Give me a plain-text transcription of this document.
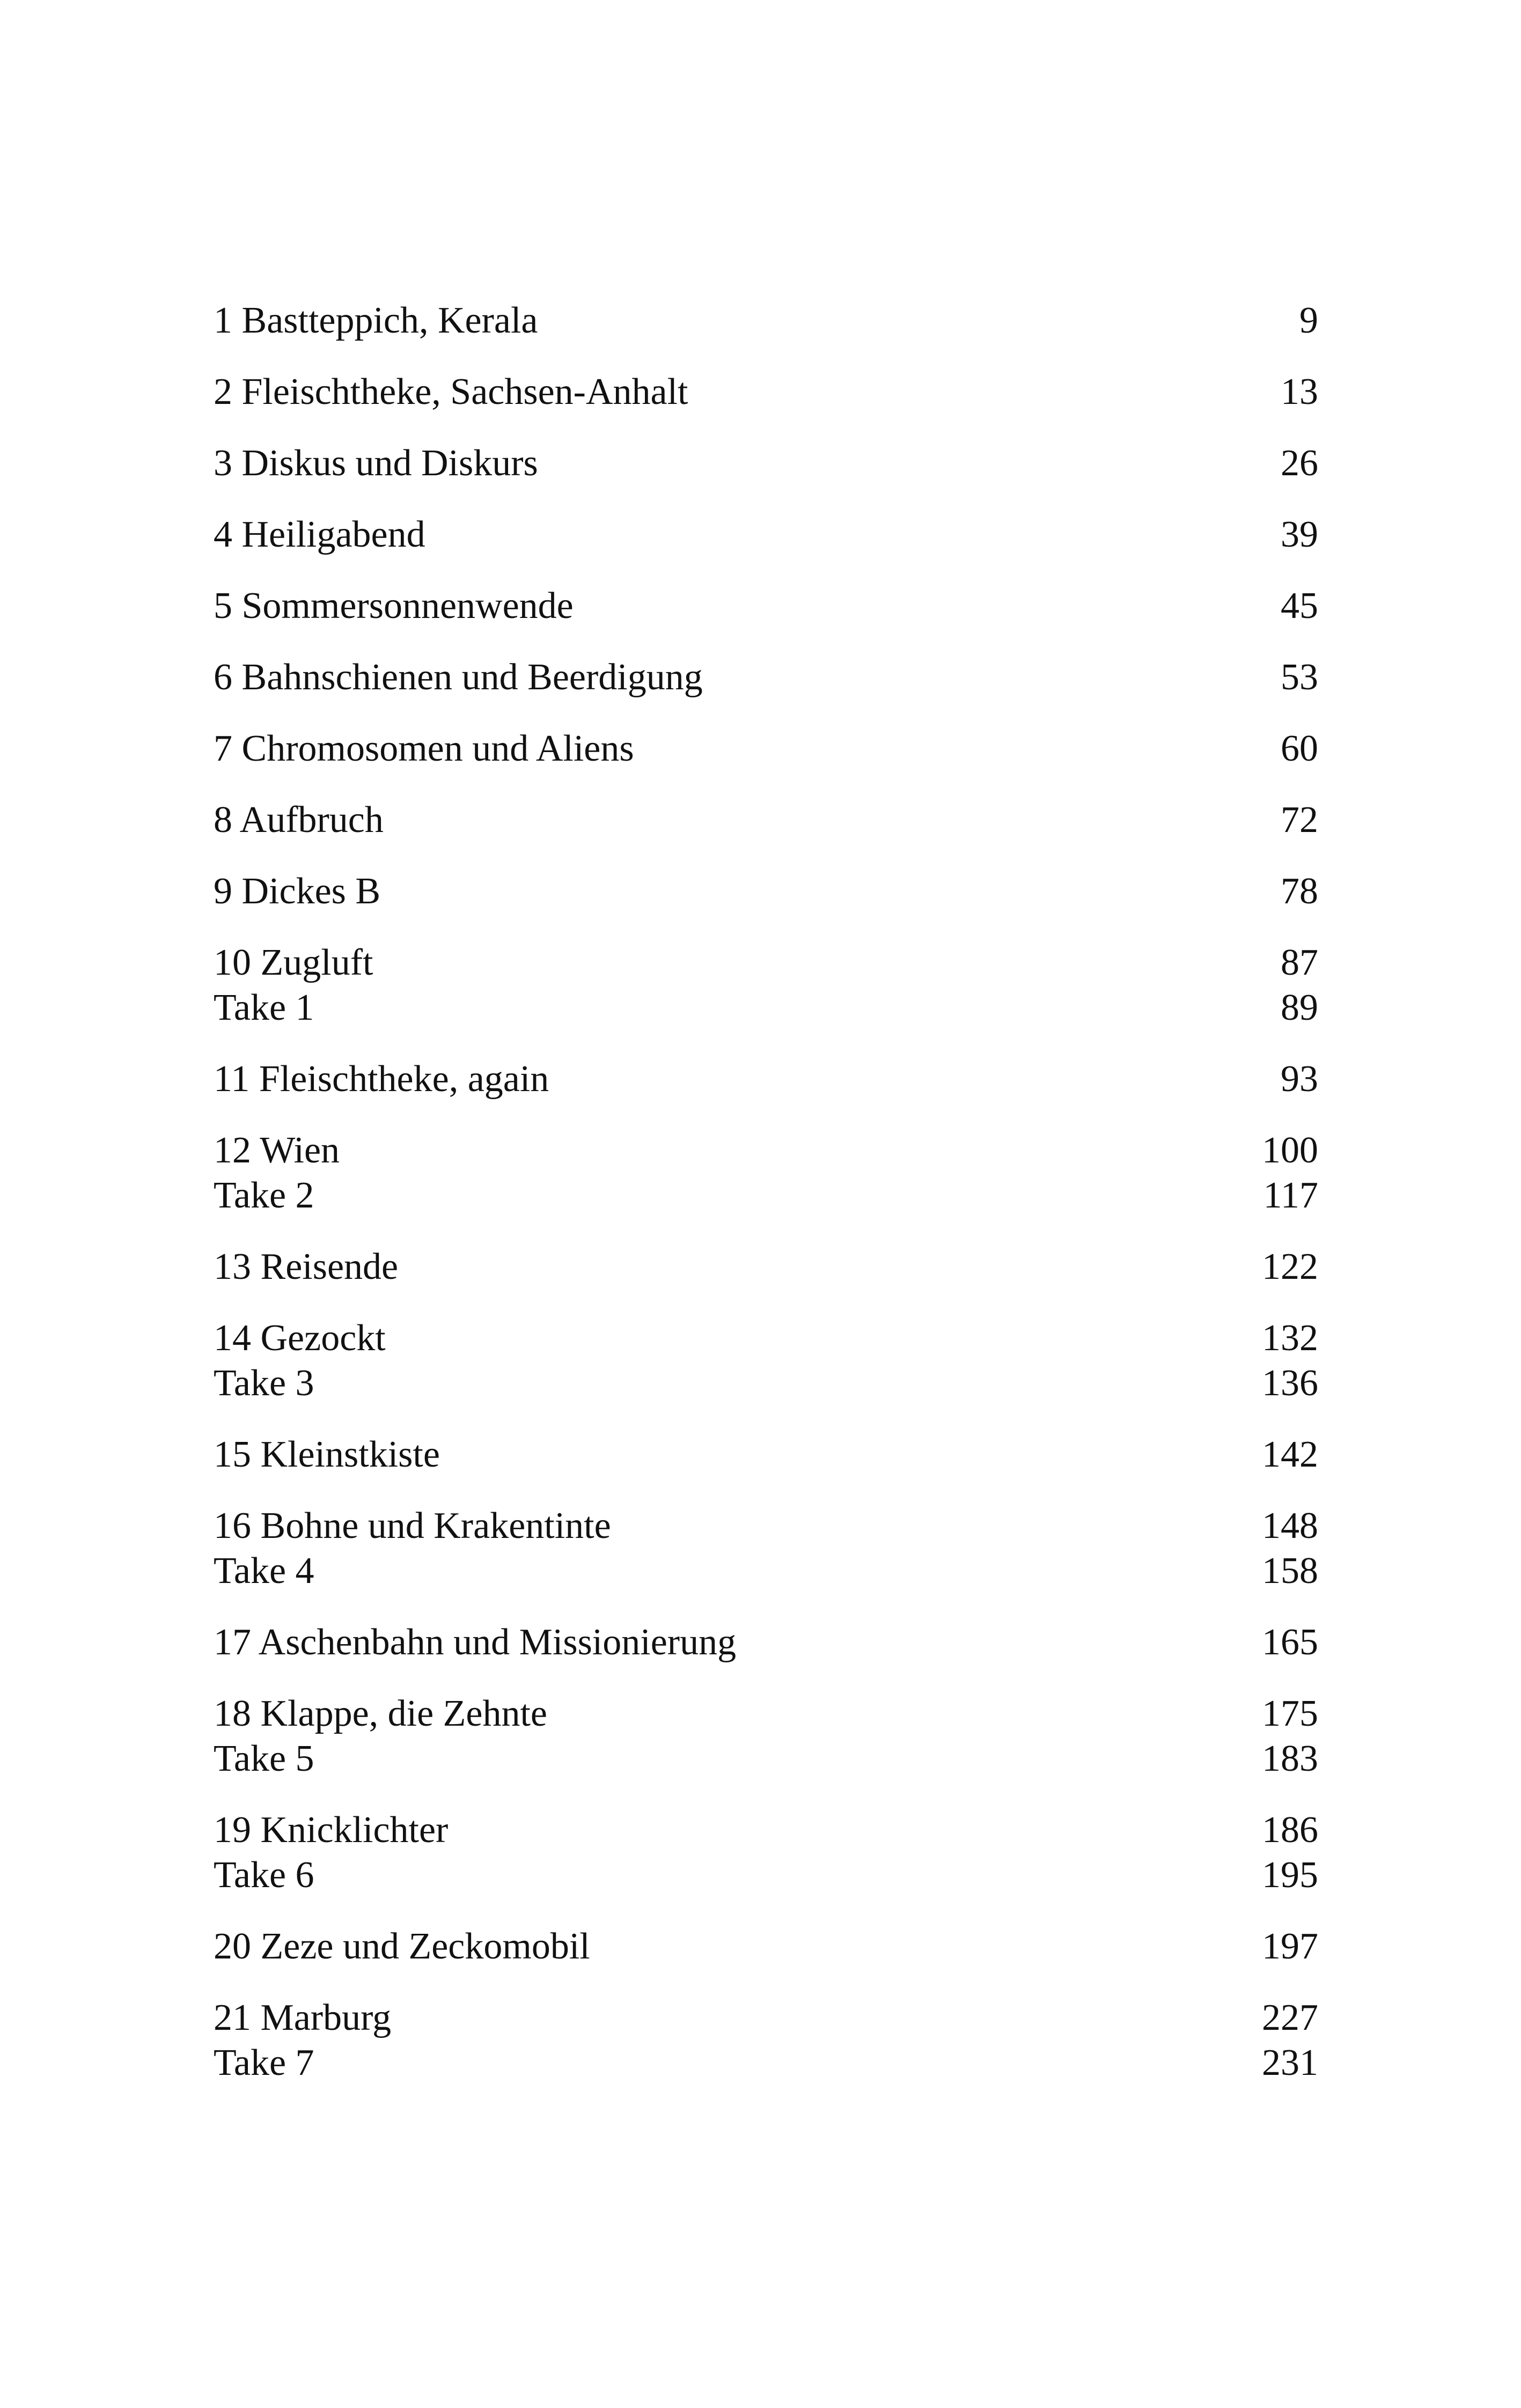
1 Bastteppich, Kerala	9
2 Fleischtheke, Sachsen-Anhalt	13
3 Diskus und Diskurs	26
4 Heiligabend	39
5 Sommersonnenwende	45
6 Bahnschienen und Beerdigung	53
7 Chromosomen und Aliens	60
8 Aufbruch	72
9 Dickes B	78
10 Zugluft	87
Take 1	89
11 Fleischtheke, again	93
12 Wien	100
Take 2	117
13 Reisende	122
14 Gezockt	132
Take 3	136
15 Kleinstkiste	142
16 Bohne und Krakentinte	148
Take 4	158
17 Aschenbahn und Missionierung	165
18 Klappe, die Zehnte	175
Take 5	183
19 Knicklichter	186
Take 6	195
20 Zeze und Zeckomobil	197
21 Marburg	227
Take 7	231
